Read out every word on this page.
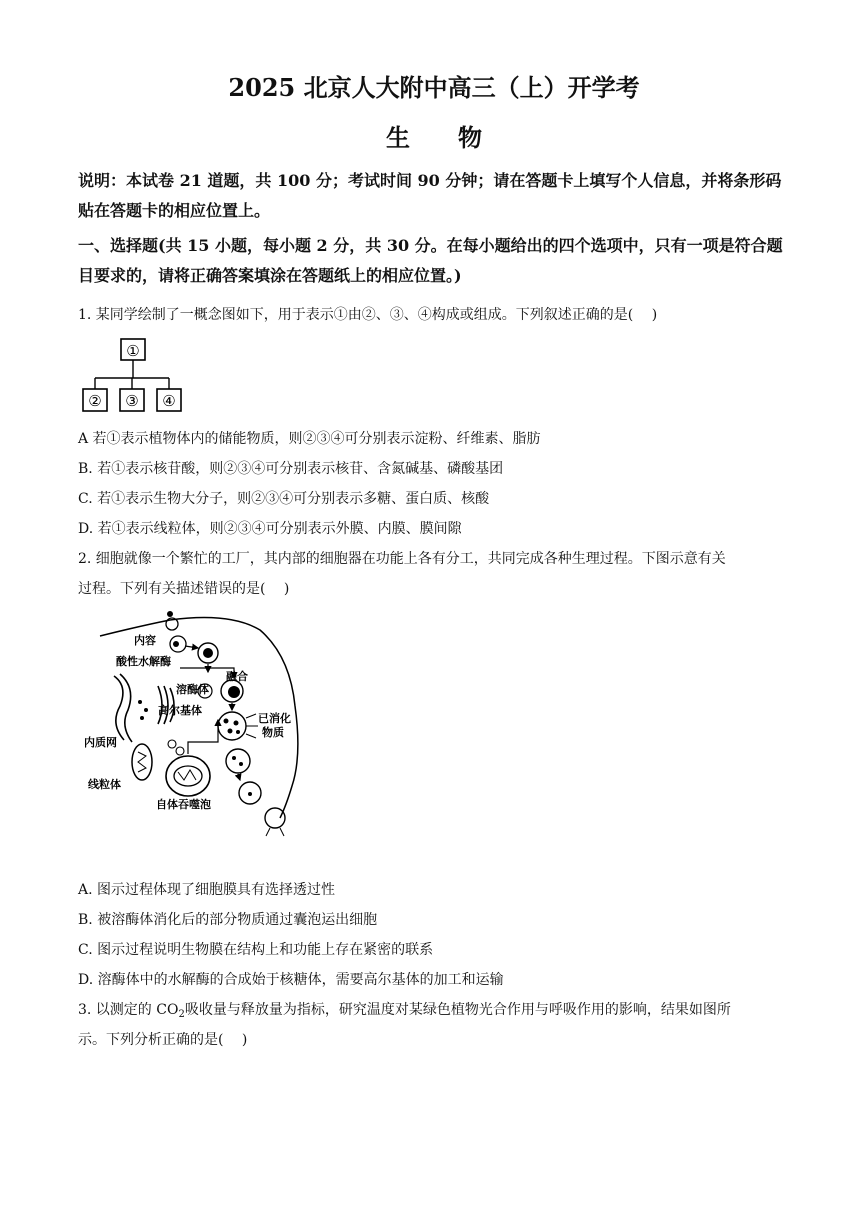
2025 北京人大附中高三（上）开学考
生　　物
说明：本试卷 21 道题，共 100 分；考试时间 90 分钟；请在答题卡上填写个人信息，并将条形码贴在答题卡的相应位置上。
一、选择题(共 15 小题，每小题 2 分，共 30 分。在每小题给出的四个选项中，只有一项是符合题目要求的，请将正确答案填涂在答题纸上的相应位置。)
1. 某同学绘制了一概念图如下，用于表示①由②、③、④构成或组成。下列叙述正确的是(　 )
①
② ③ ④
A 若①表示植物体内的储能物质，则②③④可分别表示淀粉、纤维素、脂肪
B. 若①表示核苷酸，则②③④可分别表示核苷、含氮碱基、磷酸基团
C. 若①表示生物大分子，则②③④可分别表示多糖、蛋白质、核酸
D. 若①表示线粒体，则②③④可分别表示外膜、内膜、膜间隙
2. 细胞就像一个繁忙的工厂，其内部的细胞器在功能上各有分工，共同完成各种生理过程。下图示意有关
过程。下列有关描述错误的是(　 )
内容
酸性水解酶
融合
溶酶体
高尔基体
已消化
物质
内质网
线粒体
自体吞噬泡
A. 图示过程体现了细胞膜具有选择透过性
B. 被溶酶体消化后的部分物质通过囊泡运出细胞
C. 图示过程说明生物膜在结构上和功能上存在紧密的联系
D. 溶酶体中的水解酶的合成始于核糖体，需要高尔基体的加工和运输
3. 以测定的 $CO_2$吸收量与释放量为指标，研究温度对某绿色植物光合作用与呼吸作用的影响，结果如图所
示。下列分析正确的是(　 )
